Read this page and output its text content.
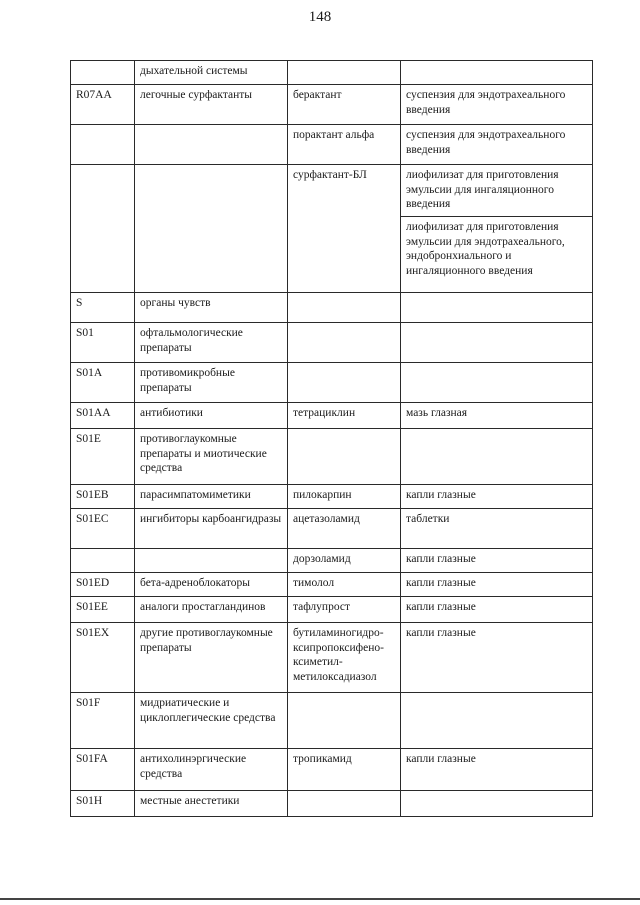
148
	дыхательной системы		
R07AA	легочные сурфактанты	берактант	суспензия для эндотрахеального введения
		порактант альфа	суспензия для эндотрахеального введения
		сурфактант-БЛ	лиофилизат для приготовления эмульсии для ингаляционного введения
			лиофилизат для приготовления эмульсии для эндотрахеального, эндобронхиального и ингаляционного введения
S	органы чувств		
S01	офтальмологические препараты		
S01A	противомикробные препараты		
S01AA	антибиотики	тетрациклин	мазь глазная
S01E	противоглаукомные препараты и миотические средства		
S01EB	парасимпатомиметики	пилокарпин	капли глазные
S01EC	ингибиторы карбоангидразы	ацетазоламид	таблетки
		дорзоламид	капли глазные
S01ED	бета-адреноблокаторы	тимолол	капли глазные
S01EE	аналоги простагландинов	тафлупрост	капли глазные
S01EX	другие противоглаукомные препараты	бутиламиногидро-ксипропоксифено-ксиметил-метилоксадиазол	капли глазные
S01F	мидриатические и циклоплегические средства		
S01FA	антихолинэргические средства	тропикамид	капли глазные
S01H	местные анестетики		
